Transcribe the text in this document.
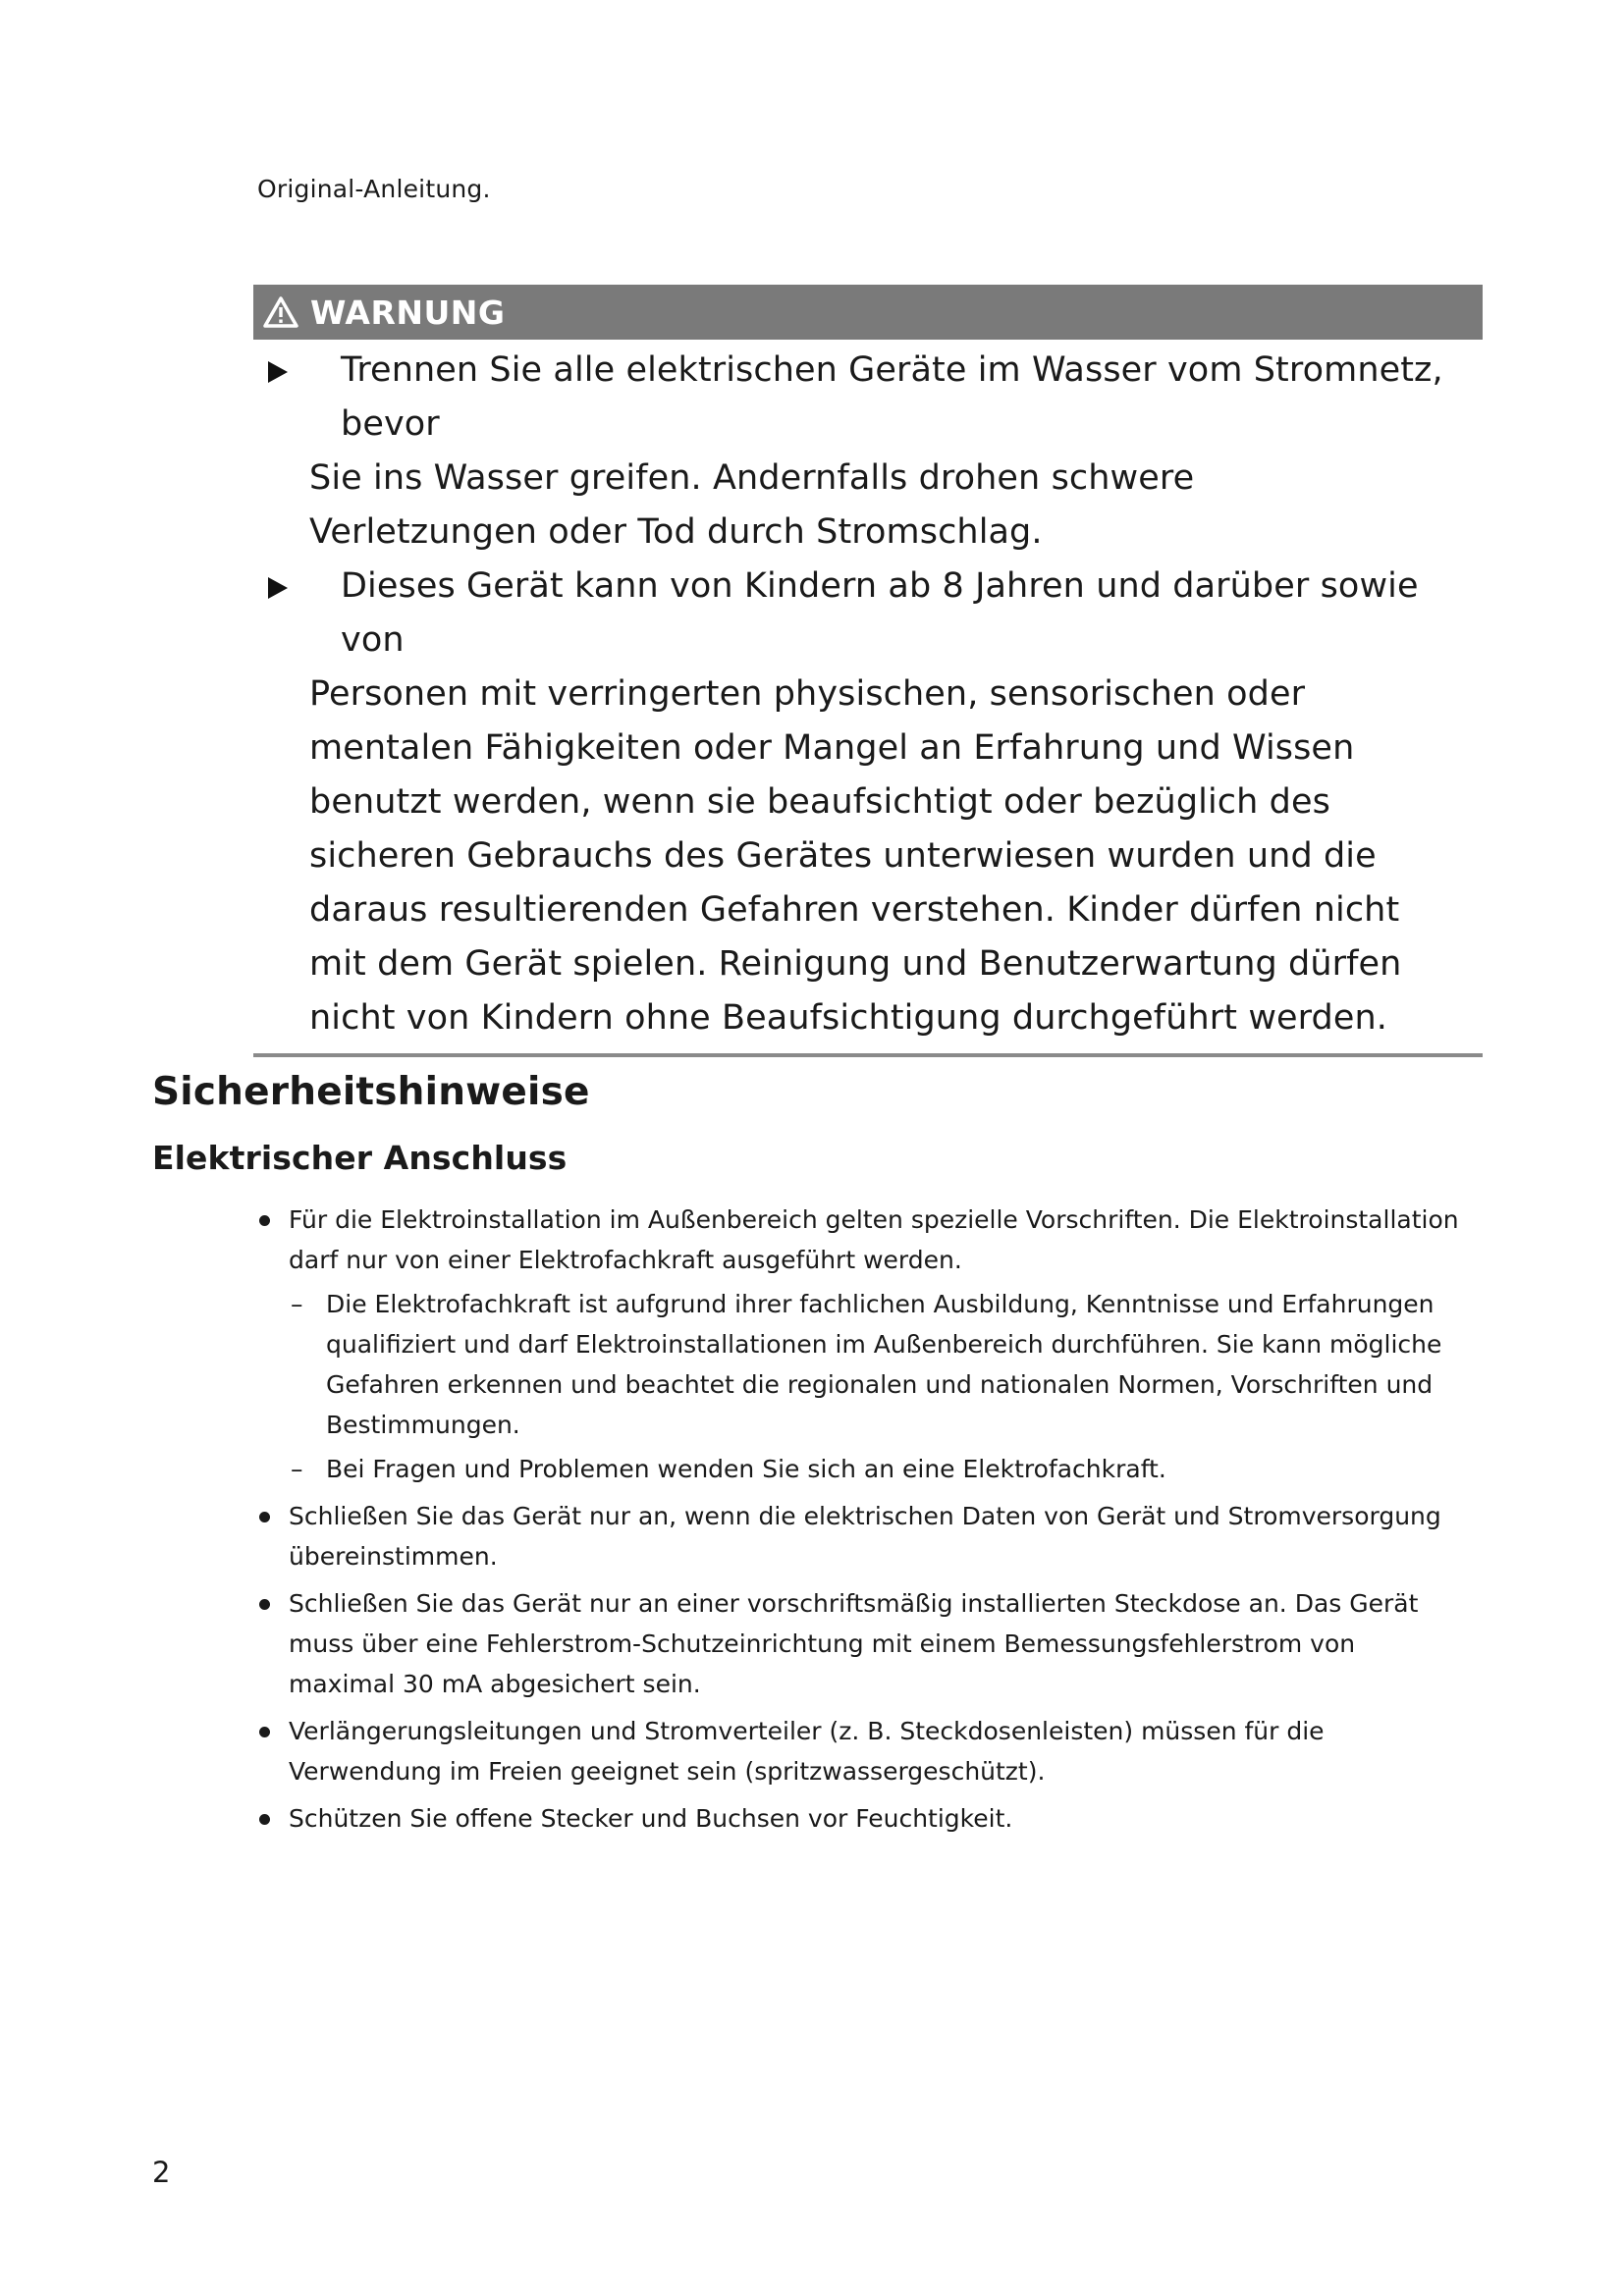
Original-Anleitung.
WARNUNG
Trennen Sie alle elektrischen Geräte im Wasser vom Stromnetz, bevor
Sie ins Wasser greifen. Andernfalls drohen schwere Verletzungen oder Tod durch Stromschlag.
Dieses Gerät kann von Kindern ab 8 Jahren und darüber sowie von
Personen mit verringerten physischen, sensorischen oder mentalen Fähigkeiten oder Mangel an Erfahrung und Wissen benutzt werden, wenn sie beaufsichtigt oder bezüglich des sicheren Gebrauchs des Gerätes unterwiesen wurden und die daraus resultierenden Gefahren verstehen. Kinder dürfen nicht mit dem Gerät spielen. Reinigung und Benutzerwartung dürfen nicht von Kindern ohne Beaufsichtigung durchgeführt werden.
Sicherheitshinweise
Elektrischer Anschluss
Für die Elektroinstallation im Außenbereich gelten spezielle Vorschriften. Die Elektroinstallation darf nur von einer Elektrofachkraft ausgeführt werden.
– Die Elektrofachkraft ist aufgrund ihrer fachlichen Ausbildung, Kenntnisse und Erfahrungen qualifiziert und darf Elektroinstallationen im Außenbereich durchführen. Sie kann mögliche Gefahren erkennen und beachtet die regionalen und nationalen Normen, Vorschriften und Bestimmungen.
– Bei Fragen und Problemen wenden Sie sich an eine Elektrofachkraft.
Schließen Sie das Gerät nur an, wenn die elektrischen Daten von Gerät und Stromversorgung übereinstimmen.
Schließen Sie das Gerät nur an einer vorschriftsmäßig installierten Steckdose an. Das Gerät muss über eine Fehlerstrom-Schutzeinrichtung mit einem Bemessungsfehlerstrom von maximal 30 mA abgesichert sein.
Verlängerungsleitungen und Stromverteiler (z. B. Steckdosenleisten) müssen für die Verwendung im Freien geeignet sein (spritzwassergeschützt).
Schützen Sie offene Stecker und Buchsen vor Feuchtigkeit.
2
